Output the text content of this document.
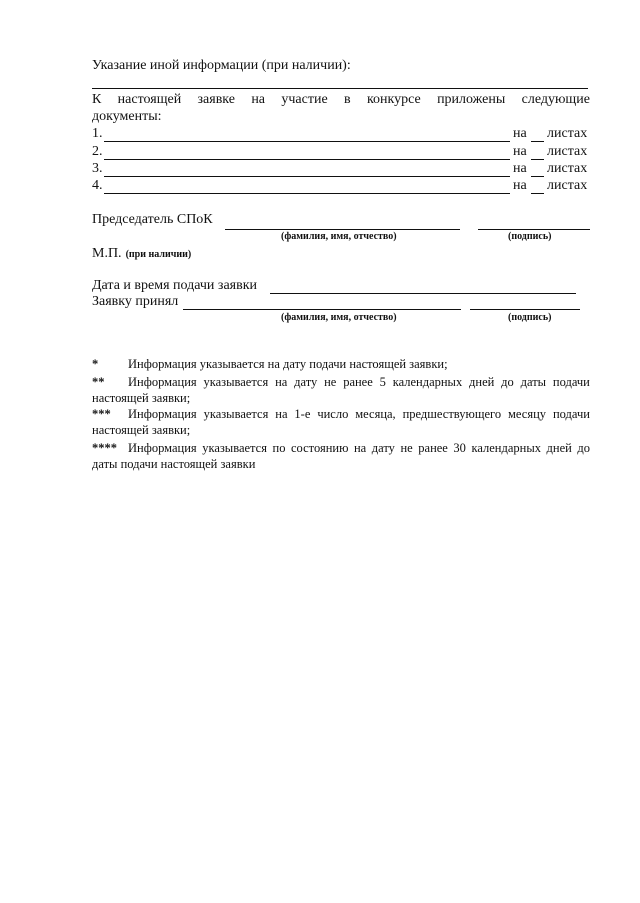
Указание иной информации (при наличии):
К настоящей заявке на участие в конкурсе приложены следующие
документы:
1.	на листах
2.	на листах
3.	на листах
4.	на листах
Председатель СПоК
(фамилия, имя, отчество)	(подпись)
М.П. (при наличии)
Дата и время подачи заявки
Заявку принял
(фамилия, имя, отчество)	(подпись)
* Информация указывается на дату подачи настоящей заявки;
** Информация указывается на дату не ранее 5 календарных дней до даты подачи
настоящей заявки;
*** Информация указывается на 1-е число месяца, предшествующего месяцу подачи
настоящей заявки;
**** Информация указывается по состоянию на дату не ранее 30 календарных дней до
даты подачи настоящей заявки
